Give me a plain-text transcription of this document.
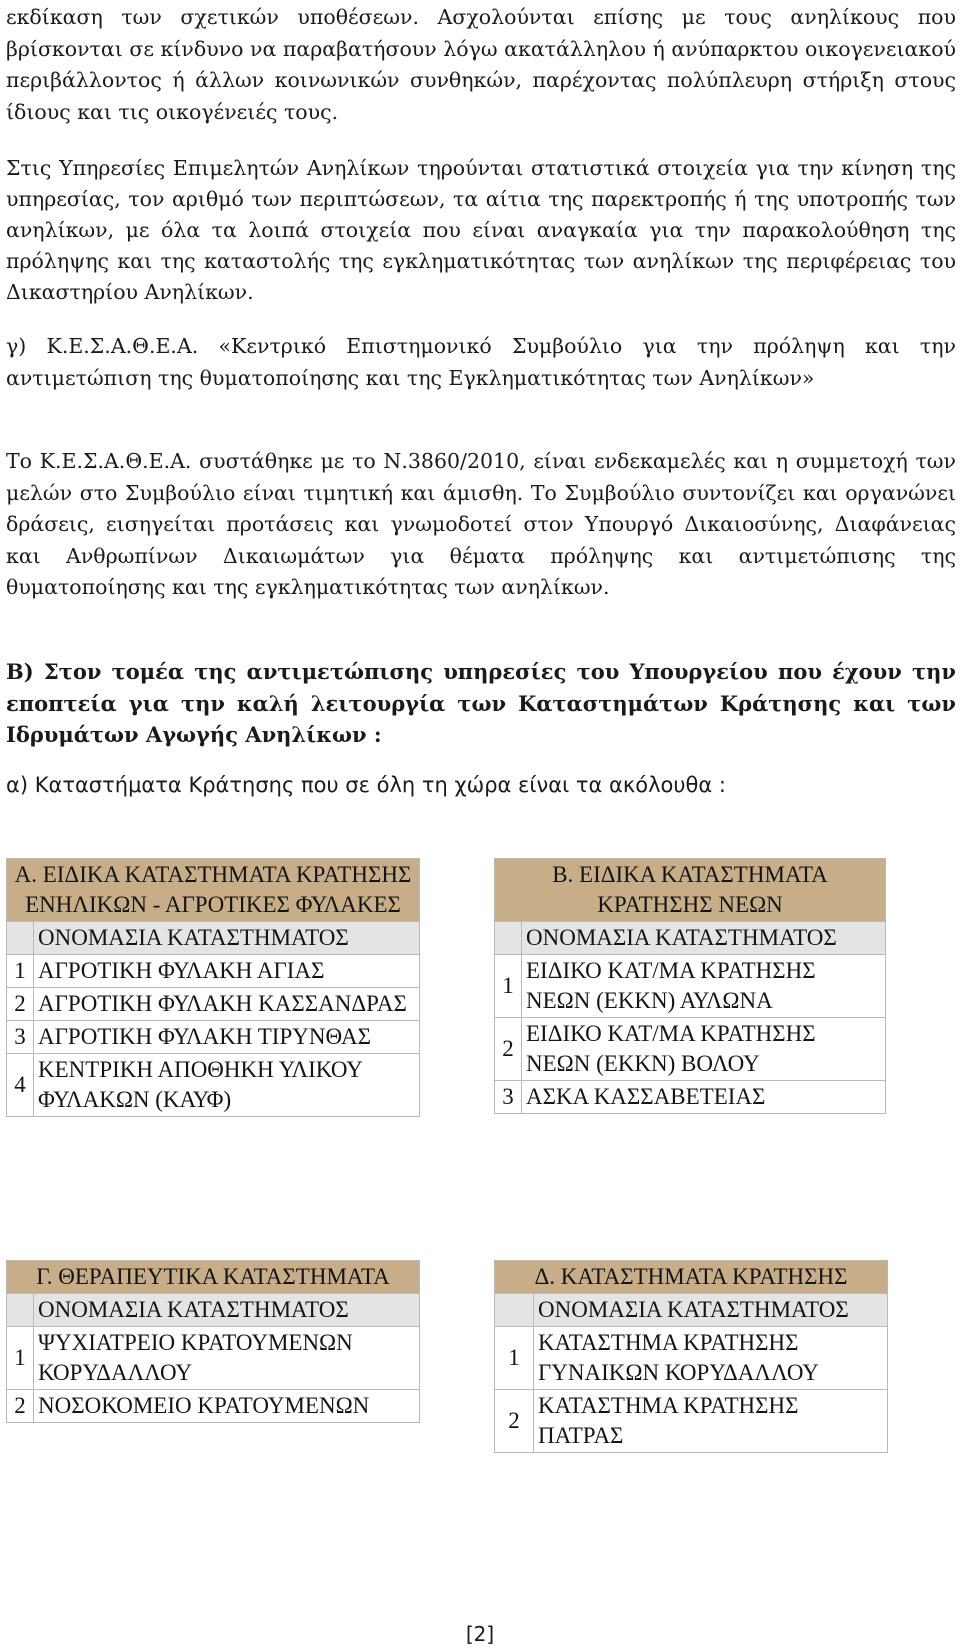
εκδίκαση των σχετικών υποθέσεων. Ασχολούνται επίσης με τους ανηλίκους που βρίσκονται σε κίνδυνο να παραβατήσουν λόγω ακατάλληλου ή ανύπαρκτου οικογενειακού περιβάλλοντος ή άλλων κοινωνικών συνθηκών, παρέχοντας πολύπλευρη στήριξη στους ίδιους και τις οικογένειές τους.

Στις Υπηρεσίες Επιμελητών Ανηλίκων τηρούνται στατιστικά στοιχεία για την κίνηση της υπηρεσίας, τον αριθμό των περιπτώσεων, τα αίτια της παρεκτροπής ή της υποτροπής των ανηλίκων, με όλα τα λοιπά στοιχεία που είναι αναγκαία για την παρακολούθηση της πρόληψης και της καταστολής της εγκληματικότητας των ανηλίκων της περιφέρειας του Δικαστηρίου Ανηλίκων.

γ) Κ.Ε.Σ.Α.Θ.Ε.Α. «Κεντρικό Επιστημονικό Συμβούλιο για την πρόληψη και την αντιμετώπιση της θυματοποίησης και της Εγκληματικότητας των Ανηλίκων»

Το Κ.Ε.Σ.Α.Θ.Ε.Α. συστάθηκε με το Ν.3860/2010, είναι ενδεκαμελές και η συμμετοχή των μελών στο Συμβούλιο είναι τιμητική και άμισθη. Το Συμβούλιο συντονίζει και οργανώνει δράσεις, εισηγείται προτάσεις και γνωμοδοτεί στον Υπουργό Δικαιοσύνης, Διαφάνειας και Ανθρωπίνων Δικαιωμάτων για θέματα πρόληψης και αντιμετώπισης της θυματοποίησης και της εγκληματικότητας των ανηλίκων.

Β) Στον τομέα της αντιμετώπισης υπηρεσίες του Υπουργείου που έχουν την εποπτεία για την καλή λειτουργία των Καταστημάτων Κράτησης και των Ιδρυμάτων Αγωγής Ανηλίκων :

α) Καταστήματα Κράτησης που σε όλη τη χώρα είναι τα ακόλουθα :

Α. ΕΙΔΙΚΑ ΚΑΤΑΣΤΗΜΑΤΑ ΚΡΑΤΗΣΗΣ ΕΝΗΛΙΚΩΝ - ΑΓΡΟΤΙΚΕΣ ΦΥΛΑΚΕΣ	
	ΟΝΟΜΑΣΙΑ ΚΑΤΑΣΤΗΜΑΤΟΣ
1	ΑΓΡΟΤΙΚΗ ΦΥΛΑΚΗ ΑΓΙΑΣ
2	ΑΓΡΟΤΙΚΗ ΦΥΛΑΚΗ ΚΑΣΣΑΝΔΡΑΣ
3	ΑΓΡΟΤΙΚΗ ΦΥΛΑΚΗ ΤΙΡΥΝΘΑΣ
4	ΚΕΝΤΡΙΚΗ ΑΠΟΘΗΚΗ ΥΛΙΚΟΥ ΦΥΛΑΚΩΝ (ΚΑΥΦ)
Β. ΕΙΔΙΚΑ ΚΑΤΑΣΤΗΜΑΤΑ ΚΡΑΤΗΣΗΣ ΝΕΩΝ	
	ΟΝΟΜΑΣΙΑ ΚΑΤΑΣΤΗΜΑΤΟΣ
1	ΕΙΔΙΚΟ ΚΑΤ/ΜΑ ΚΡΑΤΗΣΗΣ ΝΕΩΝ (ΕΚΚΝ) ΑΥΛΩΝΑ
2	ΕΙΔΙΚΟ ΚΑΤ/ΜΑ ΚΡΑΤΗΣΗΣ ΝΕΩΝ (ΕΚΚΝ) ΒΟΛΟΥ
3	ΑΣΚΑ ΚΑΣΣΑΒΕΤΕΙΑΣ
Γ. ΘΕΡΑΠΕΥΤΙΚΑ ΚΑΤΑΣΤΗΜΑΤΑ	
	ΟΝΟΜΑΣΙΑ ΚΑΤΑΣΤΗΜΑΤΟΣ
1	ΨΥΧΙΑΤΡΕΙΟ ΚΡΑΤΟΥΜΕΝΩΝ ΚΟΡΥΔΑΛΛΟΥ
2	ΝΟΣΟΚΟΜΕΙΟ ΚΡΑΤΟΥΜΕΝΩΝ
Δ. ΚΑΤΑΣΤΗΜΑΤΑ ΚΡΑΤΗΣΗΣ	
	ΟΝΟΜΑΣΙΑ ΚΑΤΑΣΤΗΜΑΤΟΣ
1	ΚΑΤΑΣΤΗΜΑ ΚΡΑΤΗΣΗΣ ΓΥΝΑΙΚΩΝ ΚΟΡΥΔΑΛΛΟΥ
2	ΚΑΤΑΣΤΗΜΑ ΚΡΑΤΗΣΗΣ ΠΑΤΡΑΣ
[2]
